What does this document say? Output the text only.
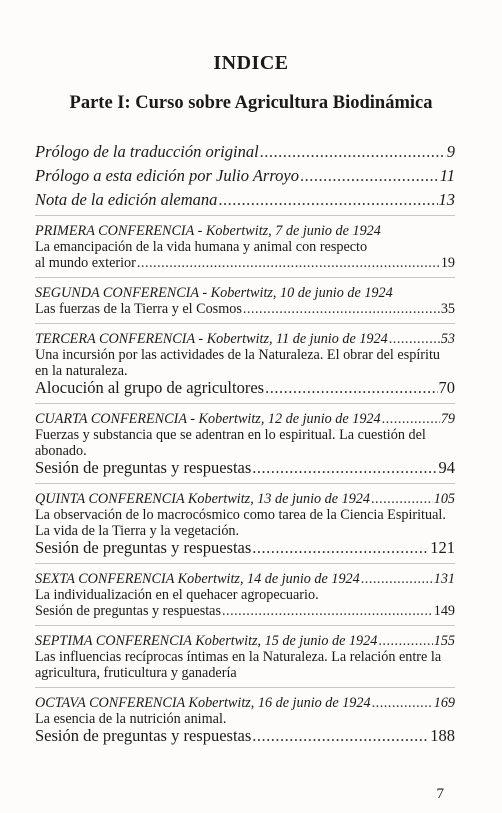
INDICE
Parte I: Curso sobre Agricultura Biodinámica
Prólogo de la traducción original .....	9
Prólogo a esta edición por Julio Arroyo .....	11
Nota de la edición alemana .....	13
PRIMERA CONFERENCIA - Kobertwitz, 7 de junio de 1924
La emancipación de la vida humana y animal con respecto
al mundo exterior .....	19
SEGUNDA CONFERENCIA - Kobertwitz, 10 de junio de 1924
Las fuerzas de la Tierra y el Cosmos .....	35
TERCERA CONFERENCIA - Kobertwitz, 11 de junio de 1924 .....	53
Una incursión por las actividades de la Naturaleza. El obrar del espíritu
en la naturaleza.
Alocución al grupo de agricultores .....	70
CUARTA CONFERENCIA - Kobertwitz, 12 de junio de 1924 .....	79
Fuerzas y substancia que se adentran en lo espiritual. La cuestión del
abonado.
Sesión de preguntas y respuestas .....	94
QUINTA CONFERENCIA Kobertwitz, 13 de junio de 1924 .....	105
La observación de lo macrocósmico como tarea de la Ciencia Espiritual.
La vida de la Tierra y la vegetación.
Sesión de preguntas y respuestas .....	121
SEXTA CONFERENCIA Kobertwitz, 14 de junio de 1924 .....	131
La individualización en el quehacer agropecuario.
Sesión de preguntas y respuestas .....	149
SEPTIMA CONFERENCIA Kobertwitz, 15 de junio de 1924 .....	155
Las influencias recíprocas íntimas en la Naturaleza. La relación entre la
agricultura, fruticultura y ganadería
OCTAVA CONFERENCIA Kobertwitz, 16 de junio de 1924 .....	169
La esencia de la nutrición animal.
Sesión de preguntas y respuestas .....	188
7
